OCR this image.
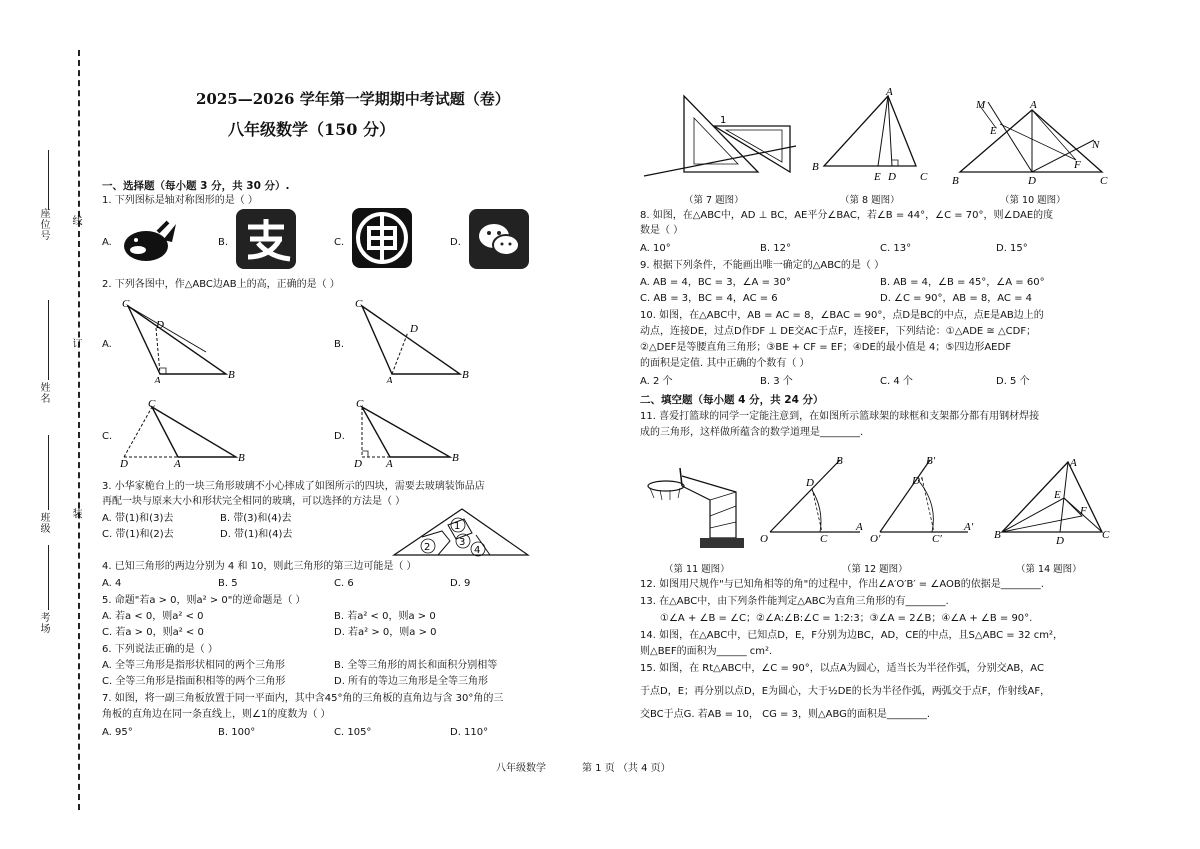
座位号 线
姓名
订
班级 装
考场
2025—2026 学年第一学期期中考试题（卷）
八年级数学（150 分）
一、选择题（每小题 3 分，共 30 分）.
1. 下列图标是轴对称图形的是（ ）
A.	B.	C.	D.
2. 下列各图中，作△ABC边AB上的高，正确的是（ ）
A.
C
D
A	B
B.
C
D
A	B
C.
C
D	A	B
D.
C
D A	B
3. 小华家桅台上的一块三角形玻璃不小心摔成了如图所示的四块，需要去玻璃装饰品店
再配一块与原来大小和形状完全相同的玻璃，可以选择的方法是（ ）
A. 带(1)和(3)去	B. 带(3)和(4)去
C. 带(1)和(2)去	D. 带(1)和(4)去
1
2	3
4
4. 已知三角形的两边分别为 4 和 10，则此三角形的第三边可能是（ ）
A. 4	B. 5	C. 6	D. 9
5. 命题"若a > 0，则a² > 0"的逆命题是（ ）
A. 若a < 0，则a² < 0	B. 若a² < 0，则a > 0
C. 若a > 0，则a² < 0	D. 若a² > 0，则a > 0
6. 下列说法正确的是（ ）
A. 全等三角形是指形状相同的两个三角形	B. 全等三角形的周长和面积分别相等
C. 全等三角形是指面积相等的两个三角形	D. 所有的等边三角形是全等三角形
7. 如图，将一副三角板放置于同一平面内，其中含45°角的三角板的直角边与含 30°角的三
角板的直角边在同一条直线上，则∠1的度数为（ ）
A. 95°	B. 100°	C. 105°	D. 110°
1
（第 7 题图）
A
B
E D C
（第 8 题图）
A
M
E
N
F
B	D	C
（第 10 题图）
8. 如图，在△ABC中，AD ⊥ BC，AE平分∠BAC，若∠B = 44°，∠C = 70°，则∠DAE的度
数是（ ）
A. 10°	B. 12°	C. 13°	D. 15°
9. 根据下列条件，不能画出唯一确定的△ABC的是（ ）
A. AB = 4，BC = 3，∠A = 30°	B. AB = 4，∠B = 45°，∠A = 60°
C. AB = 3，BC = 4，AC = 6	D. ∠C = 90°，AB = 8，AC = 4
10. 如图，在△ABC中，AB = AC = 8，∠BAC = 90°，点D是BC的中点，点E是AB边上的
动点，连接DE，过点D作DF ⊥ DE交AC于点F，连接EF，下列结论：①△ADE ≅ △CDF；
②△DEF是等腰直角三角形；③BE + CF = EF；④DE的最小值是 4；⑤四边形AEDF
的面积是定值. 其中正确的个数有（ ）
A. 2 个	B. 3 个	C. 4 个	D. 5 个
二、填空题（每小题 4 分，共 24 分）
11. 喜爱打篮球的同学一定能注意到，在如图所示篮球架的球框和支架都分都有用钢材焊接
成的三角形，这样做所蕴含的数学道理是________.
（第 11 题图）
O	C
A
D
B
O′	C′
A′
D′
B′
（第 12 题图）
A
E
F
B	D	C
（第 14 题图）
12. 如图用尺规作"与已知角相等的角"的过程中，作出∠A′O′B′ = ∠AOB的依据是________.
13. 在△ABC中，由下列条件能判定△ABC为直角三角形的有________.
①∠A + ∠B = ∠C；②∠A:∠B:∠C = 1:2:3；③∠A = 2∠B；④∠A + ∠B = 90°.
14. 如图，在△ABC中，已知点D，E，F分别为边BC，AD，CE的中点，且S△ABC = 32 cm²，
则△BEF的面积为______ cm².
15. 如图，在 Rt△ABC中，∠C = 90°，以点A为圆心，适当长为半径作弧，分别交AB，AC
于点D，E；再分别以点D，E为圆心，大于½DE的长为半径作弧，两弧交于点F，作射线AF，
交BC于点G. 若AB = 10， CG = 3，则△ABG的面积是________.
八年级数学	第 1 页 （共 4 页）
